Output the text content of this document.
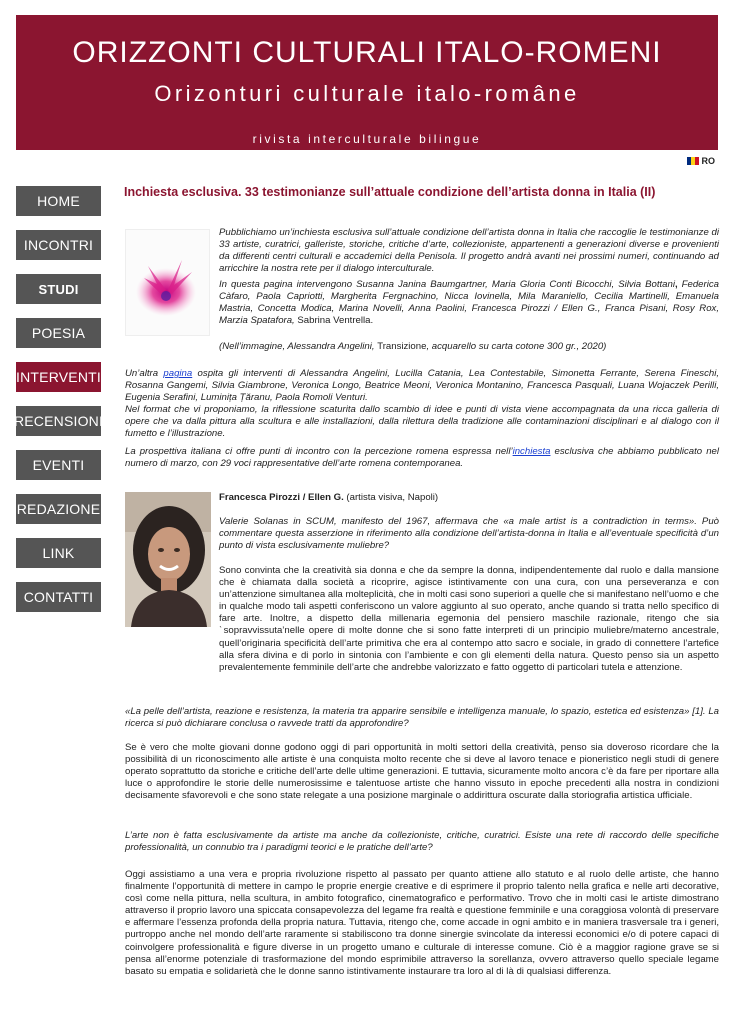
ORIZZONTI CULTURALI ITALO-ROMENI
Orizonturi culturale italo-române
rivista interculturale bilingue
ISSN 2240-9645	RO
HOME
INCONTRI
STUDI
POESIA
INTERVENTI
RECENSIONI
EVENTI
REDAZIONE
LINK
CONTATTI
Inchiesta esclusiva. 33 testimonianze sull’attuale condizione dell’artista donna in Italia (II)
Pubblichiamo un’inchiesta esclusiva sull’attuale condizione dell’artista donna in Italia che raccoglie le testimonianze di 33 artiste, curatrici, galleriste, storiche, critiche d’arte, collezioniste, appartenenti a generazioni diverse e provenienti da differenti centri culturali e accademici della Penisola. Il progetto andrà avanti nei prossimi numeri, continuando ad arricchire la nostra rete per il dialogo interculturale.
In questa pagina intervengono Susanna Janina Baumgartner, Maria Gloria Conti Bicocchi, Silvia Bottani, Federica Càfaro, Paola Capriotti, Margherita Fergnachino, Nicca Iovinella, Mila Maraniello, Cecilia Martinelli, Emanuela Mastria, Concetta Modica, Marina Novelli, Anna Paolini, Francesca Pirozzi / Ellen G., Franca Pisani, Rosy Rox, Marzia Spatafora, Sabrina Ventrella.
(Nell’immagine, Alessandra Angelini, Transizione, acquarello su carta cotone 300 gr., 2020)
Un’altra pagina ospita gli interventi di Alessandra Angelini, Lucilla Catania, Lea Contestabile, Simonetta Ferrante, Serena Fineschi, Rosanna Gangemi, Silvia Giambrone, Veronica Longo, Beatrice Meoni, Veronica Montanino, Francesca Pasquali, Luana Wojaczek Perilli, Eugenia Serafini, Luminița Țăranu, Paola Romoli Venturi.
Nel format che vi proponiamo, la riflessione scaturita dallo scambio di idee e punti di vista viene accompagnata da una ricca galleria di opere che va dalla pittura alla scultura e alle installazioni, dalla rilettura della tradizione alle contaminazioni disciplinari e al dialogo con il fumetto e l’illustrazione.
La prospettiva italiana ci offre punti di incontro con la percezione romena espressa nell’inchiesta esclusiva che abbiamo pubblicato nel numero di marzo, con 29 voci rappresentative dell’arte romena contemporanea.
Francesca Pirozzi / Ellen G. (artista visiva, Napoli)
Valerie Solanas in SCUM, manifesto del 1967, affermava che «a male artist is a contradiction in terms». Può commentare questa asserzione in riferimento alla condizione dell’artista-donna in Italia e all’eventuale specificità d’un punto di vista esclusivamente muliebre?
Sono convinta che la creatività sia donna e che da sempre la donna, indipendentemente dal ruolo e dalla mansione che è chiamata dalla società a ricoprire, agisce istintivamente con una cura, con una perseveranza e con un’attenzione simultanea alla molteplicità, che in molti casi sono superiori a quelle che si manifestano nell’uomo e che in qualche modo tali aspetti conferiscono un valore aggiunto al suo operato, anche quando si tratta nello specifico di fare arte. Inoltre, a dispetto della millenaria egemonia del pensiero maschile razionale, ritengo che sia ˋsopravvissuta’nelle opere di molte donne che si sono fatte interpreti di un principio muliebre/materno ancestrale, quell’originaria specificità dell’arte primitiva che era al contempo atto sacro e sociale, in grado di connettere l’artefice alla sfera divina e di porlo in sintonia con l’ambiente e con gli elementi della natura. Questo penso sia un aspetto prevalentemente femminile dell’arte che andrebbe valorizzato e fatto oggetto di particolari tutela e attenzione.
«La pelle dell’artista, reazione e resistenza, la materia tra apparire sensibile e intelligenza manuale, lo spazio, estetica ed esistenza» [1]. La ricerca si può dichiarare conclusa o ravvede tratti da approfondire?
Se è vero che molte giovani donne godono oggi di pari opportunità in molti settori della creatività, penso sia doveroso ricordare che la possibilità di un riconoscimento alle artiste è una conquista molto recente che si deve al lavoro tenace e pioneristico negli studi di genere operato soprattutto da storiche e critiche dell’arte delle ultime generazioni. E tuttavia, sicuramente molto ancora c’è da fare per riportare alla luce o approfondire le storie delle numerosissime e talentuose artiste che hanno vissuto in epoche precedenti alla nostra in condizioni decisamente sfavorevoli e che sono state relegate a una posizione marginale o addirittura oscurate dalla storiografia artistica ufficiale.
L’arte non è fatta esclusivamente da artiste ma anche da collezioniste, critiche, curatrici. Esiste una rete di raccordo delle specifiche professionalità, un connubio tra i paradigmi teorici e le pratiche dell’arte?
Oggi assistiamo a una vera e propria rivoluzione rispetto al passato per quanto attiene allo statuto e al ruolo delle artiste, che hanno finalmente l’opportunità di mettere in campo le proprie energie creative e di esprimere il proprio talento nella grafica e nelle arti decorative, così come nella pittura, nella scultura, in ambito fotografico, cinematografico e performativo. Trovo che in molti casi le artiste dimostrano attraverso il proprio lavoro una spiccata consapevolezza del legame fra realtà e questione femminile e una coraggiosa volontà di preservare e affermare l’essenza profonda della propria natura. Tuttavia, ritengo che, come accade in ogni ambito e in maniera trasversale tra i generi, purtroppo anche nel mondo dell’arte raramente si stabiliscono tra donne sinergie svincolate da interessi economici e/o di potere capaci di coinvolgere professionalità e figure diverse in un progetto umano e culturale di interesse comune. Ciò è a maggior ragione grave se si pensa all’enorme potenziale di trasformazione del mondo esprimibile attraverso la sorellanza, ovvero attraverso quello speciale legame basato su empatia e solidarietà che le donne sanno istintivamente instaurare tra loro al di là di qualsiasi differenza.
